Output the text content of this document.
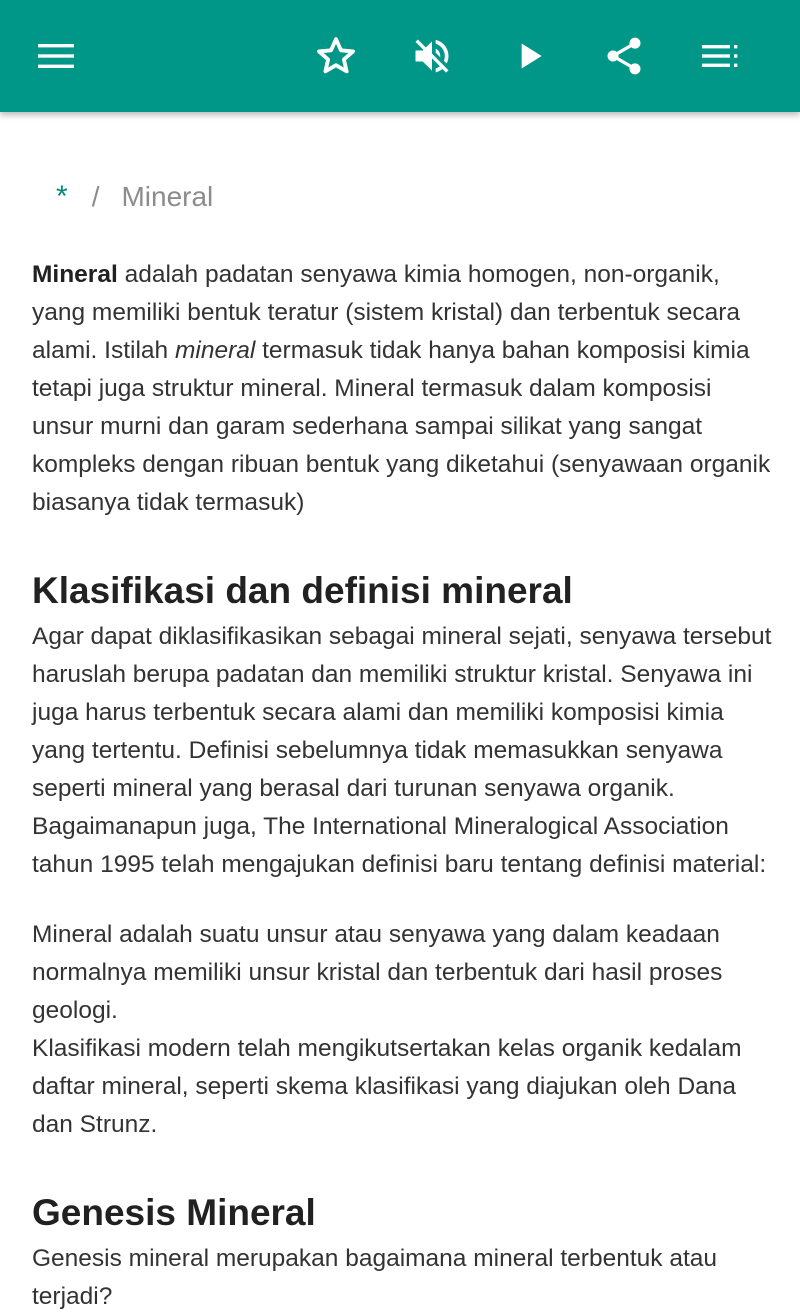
* / Mineral

Mineral adalah padatan senyawa kimia homogen, non-organik, yang memiliki bentuk teratur (sistem kristal) dan terbentuk secara alami. Istilah mineral termasuk tidak hanya bahan komposisi kimia tetapi juga struktur mineral. Mineral termasuk dalam komposisi unsur murni dan garam sederhana sampai silikat yang sangat kompleks dengan ribuan bentuk yang diketahui (senyawaan organik biasanya tidak termasuk)

Klasifikasi dan definisi mineral

Agar dapat diklasifikasikan sebagai mineral sejati, senyawa tersebut haruslah berupa padatan dan memiliki struktur kristal. Senyawa ini juga harus terbentuk secara alami dan memiliki komposisi kimia yang tertentu. Definisi sebelumnya tidak memasukkan senyawa seperti mineral yang berasal dari turunan senyawa organik. Bagaimanapun juga, The International Mineralogical Association tahun 1995 telah mengajukan definisi baru tentang definisi material:

Mineral adalah suatu unsur atau senyawa yang dalam keadaan normalnya memiliki unsur kristal dan terbentuk dari hasil proses geologi.

Klasifikasi modern telah mengikutsertakan kelas organik kedalam daftar mineral, seperti skema klasifikasi yang diajukan oleh Dana dan Strunz.

Genesis Mineral

Genesis mineral merupakan bagaimana mineral terbentuk atau terjadi?
